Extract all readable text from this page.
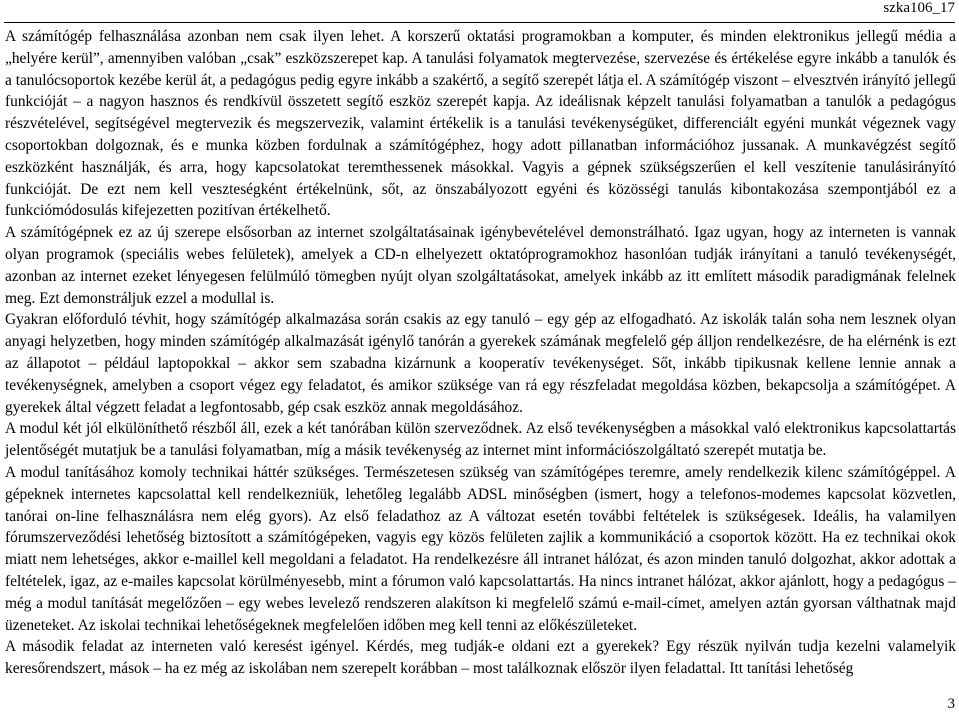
szka106_17

A számítógép felhasználása azonban nem csak ilyen lehet. A korszerű oktatási programokban a komputer, és minden elektronikus jellegű média a „helyére kerül”, amennyiben valóban „csak” eszközszerepet kap. A tanulási folyamatok megtervezése, szervezése és értékelése egyre inkább a tanulók és a tanulócsoportok kezébe kerül át, a pedagógus pedig egyre inkább a szakértő, a segítő szerepét látja el. A számítógép viszont – elvesztvén irányító jellegű funkcióját – a nagyon hasznos és rendkívül összetett segítő eszköz szerepét kapja. Az ideálisnak képzelt tanulási folyamatban a tanulók a pedagógus részvételével, segítségével megtervezik és megszervezik, valamint értékelik is a tanulási tevékenységüket, differenciált egyéni munkát végeznek vagy csoportokban dolgoznak, és e munka közben fordulnak a számítógéphez, hogy adott pillanatban információhoz jussanak. A munkavégzést segítő eszközként használják, és arra, hogy kapcsolatokat teremthessenek másokkal. Vagyis a gépnek szükségszerűen el kell veszítenie tanulásirányító funkcióját. De ezt nem kell veszteségként értékelnünk, sőt, az önszabályozott egyéni és közösségi tanulás kibontakozása szempontjából ez a funkciómódosulás kifejezetten pozitívan értékelhető.

A számítógépnek ez az új szerepe elsősorban az internet szolgáltatásainak igénybevételével demonstrálható. Igaz ugyan, hogy az interneten is vannak olyan programok (speciális webes felületek), amelyek a CD-n elhelyezett oktatóprogramokhoz hasonlóan tudják irányítani a tanuló tevékenységét, azonban az internet ezeket lényegesen felülmúló tömegben nyújt olyan szolgáltatásokat, amelyek inkább az itt említett második paradigmának felelnek meg. Ezt demonstráljuk ezzel a modullal is.

Gyakran előforduló tévhit, hogy számítógép alkalmazása során csakis az egy tanuló – egy gép az elfogadható. Az iskolák talán soha nem lesznek olyan anyagi helyzetben, hogy minden számítógép alkalmazását igénylő tanórán a gyerekek számának megfelelő gép álljon rendelkezésre, de ha elérnénk is ezt az állapotot – például laptopokkal – akkor sem szabadna kizárnunk a kooperatív tevékenységet. Sőt, inkább tipikusnak kellene lennie annak a tevékenységnek, amelyben a csoport végez egy feladatot, és amikor szüksége van rá egy részfeladat megoldása közben, bekapcsolja a számítógépet. A gyerekek által végzett feladat a legfontosabb, gép csak eszköz annak megoldásához.

A modul két jól elkülöníthető részből áll, ezek a két tanórában külön szerveződnek. Az első tevékenységben a másokkal való elektronikus kapcsolattartás jelentőségét mutatjuk be a tanulási folyamatban, míg a másik tevékenység az internet mint információszolgáltató szerepét mutatja be.

A modul tanításához komoly technikai háttér szükséges. Természetesen szükség van számítógépes teremre, amely rendelkezik kilenc számítógéppel. A gépeknek internetes kapcsolattal kell rendelkezniük, lehetőleg legalább ADSL minőségben (ismert, hogy a telefonos-modemes kapcsolat közvetlen, tanórai on-line felhasználásra nem elég gyors). Az első feladathoz az A változat esetén további feltételek is szükségesek. Ideális, ha valamilyen fórumszerveződési lehetőség biztosított a számítógépeken, vagyis egy közös felületen zajlik a kommunikáció a csoportok között. Ha ez technikai okok miatt nem lehetséges, akkor e-maillel kell megoldani a feladatot. Ha rendelkezésre áll intranet hálózat, és azon minden tanuló dolgozhat, akkor adottak a feltételek, igaz, az e-mailes kapcsolat körülményesebb, mint a fórumon való kapcsolattartás. Ha nincs intranet hálózat, akkor ajánlott, hogy a pedagógus – még a modul tanítását megelőzően – egy webes levelező rendszeren alakítson ki megfelelő számú e-mail-címet, amelyen aztán gyorsan válthatnak majd üzeneteket. Az iskolai technikai lehetőségeknek megfelelően időben meg kell tenni az előkészületeket.

A második feladat az interneten való keresést igényel. Kérdés, meg tudják-e oldani ezt a gyerekek? Egy részük nyilván tudja kezelni valamelyik keresőrendszert, mások – ha ez még az iskolában nem szerepelt korábban – most találkoznak először ilyen feladattal. Itt tanítási lehetőség

3
